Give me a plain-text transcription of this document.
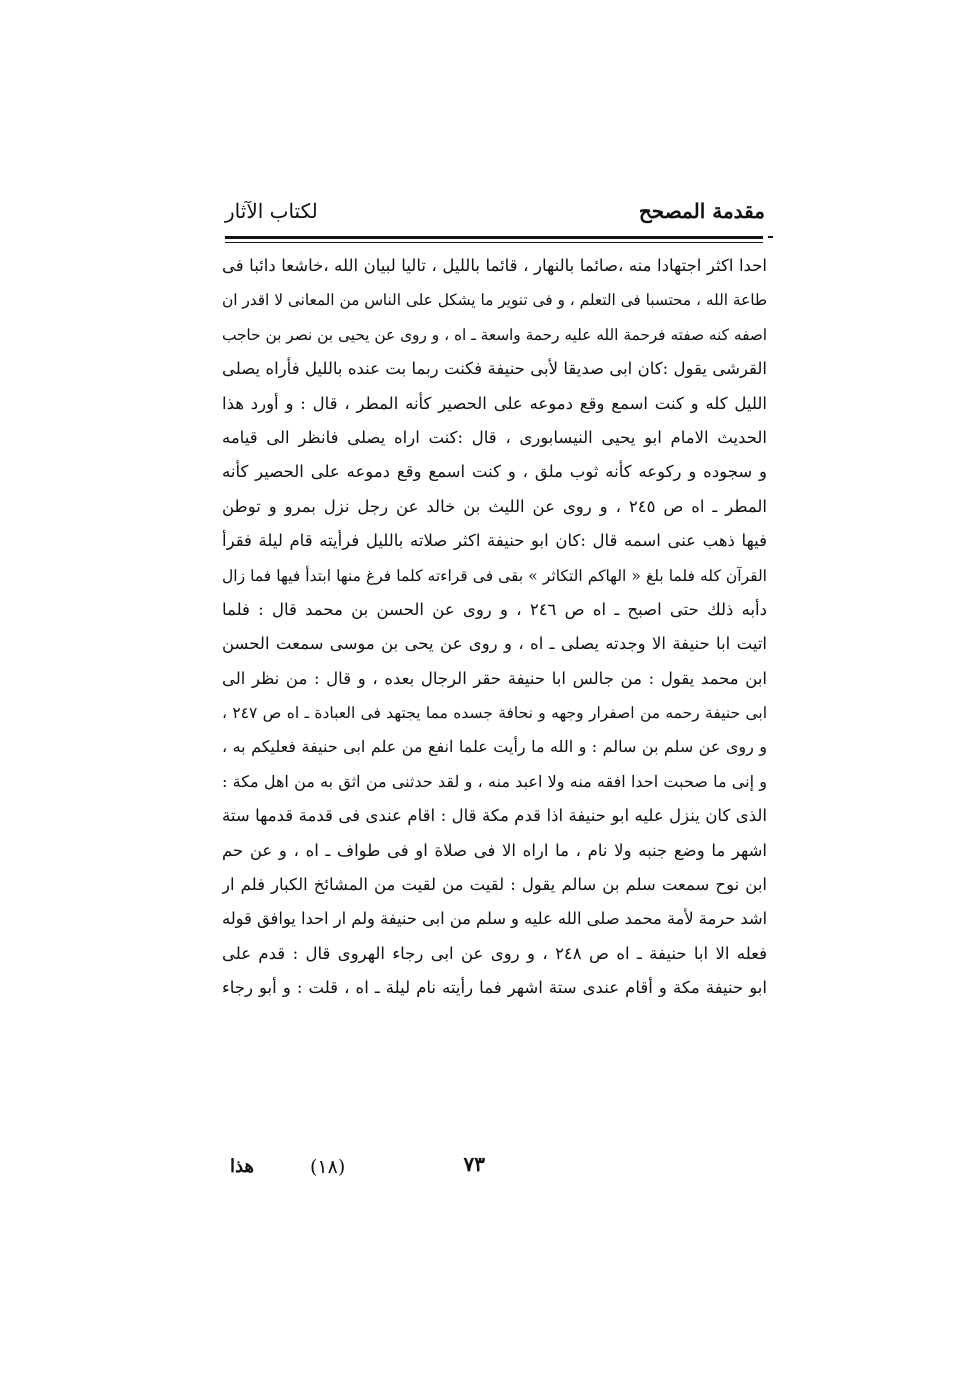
مقدمة المصحح
لكتاب الآثار
احدا اكثر اجتهادا منه ،صائما بالنهار ، قائما بالليل ، تاليا لبيان الله ،خاشعا دائبا فى
طاعة الله ، محتسبا فى التعلم ، و فى تنوير ما يشكل على الناس من المعانى لا اقدر ان
اصفه كنه صفته فرحمة الله عليه رحمة واسعة ـ اه ، و روى عن يحيى بن نصر بن حاجب
القرشى يقول :كان ابى صديقا لأبى حنيفة فكنت ربما بت عنده بالليل فأراه يصلى
الليل كله و كنت اسمع وقع دموعه على الحصير كأنه المطر ، قال : و أورد هذا
الحديث الامام ابو يحيى النيسابورى ، قال :كنت اراه يصلى فانظر الى قيامه
و سجوده و ركوعه كأنه ثوب ملق ، و كنت اسمع وقع دموعه على الحصير كأنه
المطر ـ اه ص ٢٤٥ ، و روى عن الليث بن خالد عن رجل نزل بمرو و توطن
فيها ذهب عنى اسمه قال :كان ابو حنيفة اكثر صلاته بالليل فرأيته قام ليلة فقرأ
القرآن كله فلما بلغ « الهاكم التكاثر » بقى فى قراءته كلما فرغ منها ابتدأ فيها فما زال
دأبه ذلك حتى اصبح ـ اه ص ٢٤٦ ، و روى عن الحسن بن محمد قال : فلما
اتيت ابا حنيفة الا وجدته يصلى ـ اه ، و روى عن يحى بن موسى سمعت الحسن
ابن محمد يقول : من جالس ابا حنيفة حقر الرجال بعده ، و قال : من نظر الى
ابى حنيفة رحمه من اصفرار وجهه و نحافة جسده مما يجتهد فى العبادة ـ اه ص ٢٤٧ ،
و روى عن سلم بن سالم : و الله ما رأيت علما انفع من علم ابى حنيفة فعليكم به ،
و إنى ما صحبت احدا افقه منه ولا اعبد منه ، و لقد حدثنى من اثق به من اهل مكة :
الذى كان ينزل عليه ابو حنيفة اذا قدم مكة قال : اقام عندى فى قدمة قدمها ستة
اشهر ما وضع جنبه ولا نام ، ما اراه الا فى صلاة او فى طواف ـ اه ، و عن حم
ابن نوح سمعت سلم بن سالم يقول : لقيت من لقيت من المشائخ الكبار فلم ار
اشد حرمة لأمة محمد صلى الله عليه و سلم من ابى حنيفة ولم ار احدا يوافق قوله
فعله الا ابا حنيفة ـ اه ص ٢٤٨ ، و روى عن ابى رجاء الهروى قال : قدم على
ابو حنيفة مكة و أقام عندى ستة اشهر فما رأيته نام ليلة ـ اه ، قلت : و أبو رجاء
٧٣
(١٨)
هذا
